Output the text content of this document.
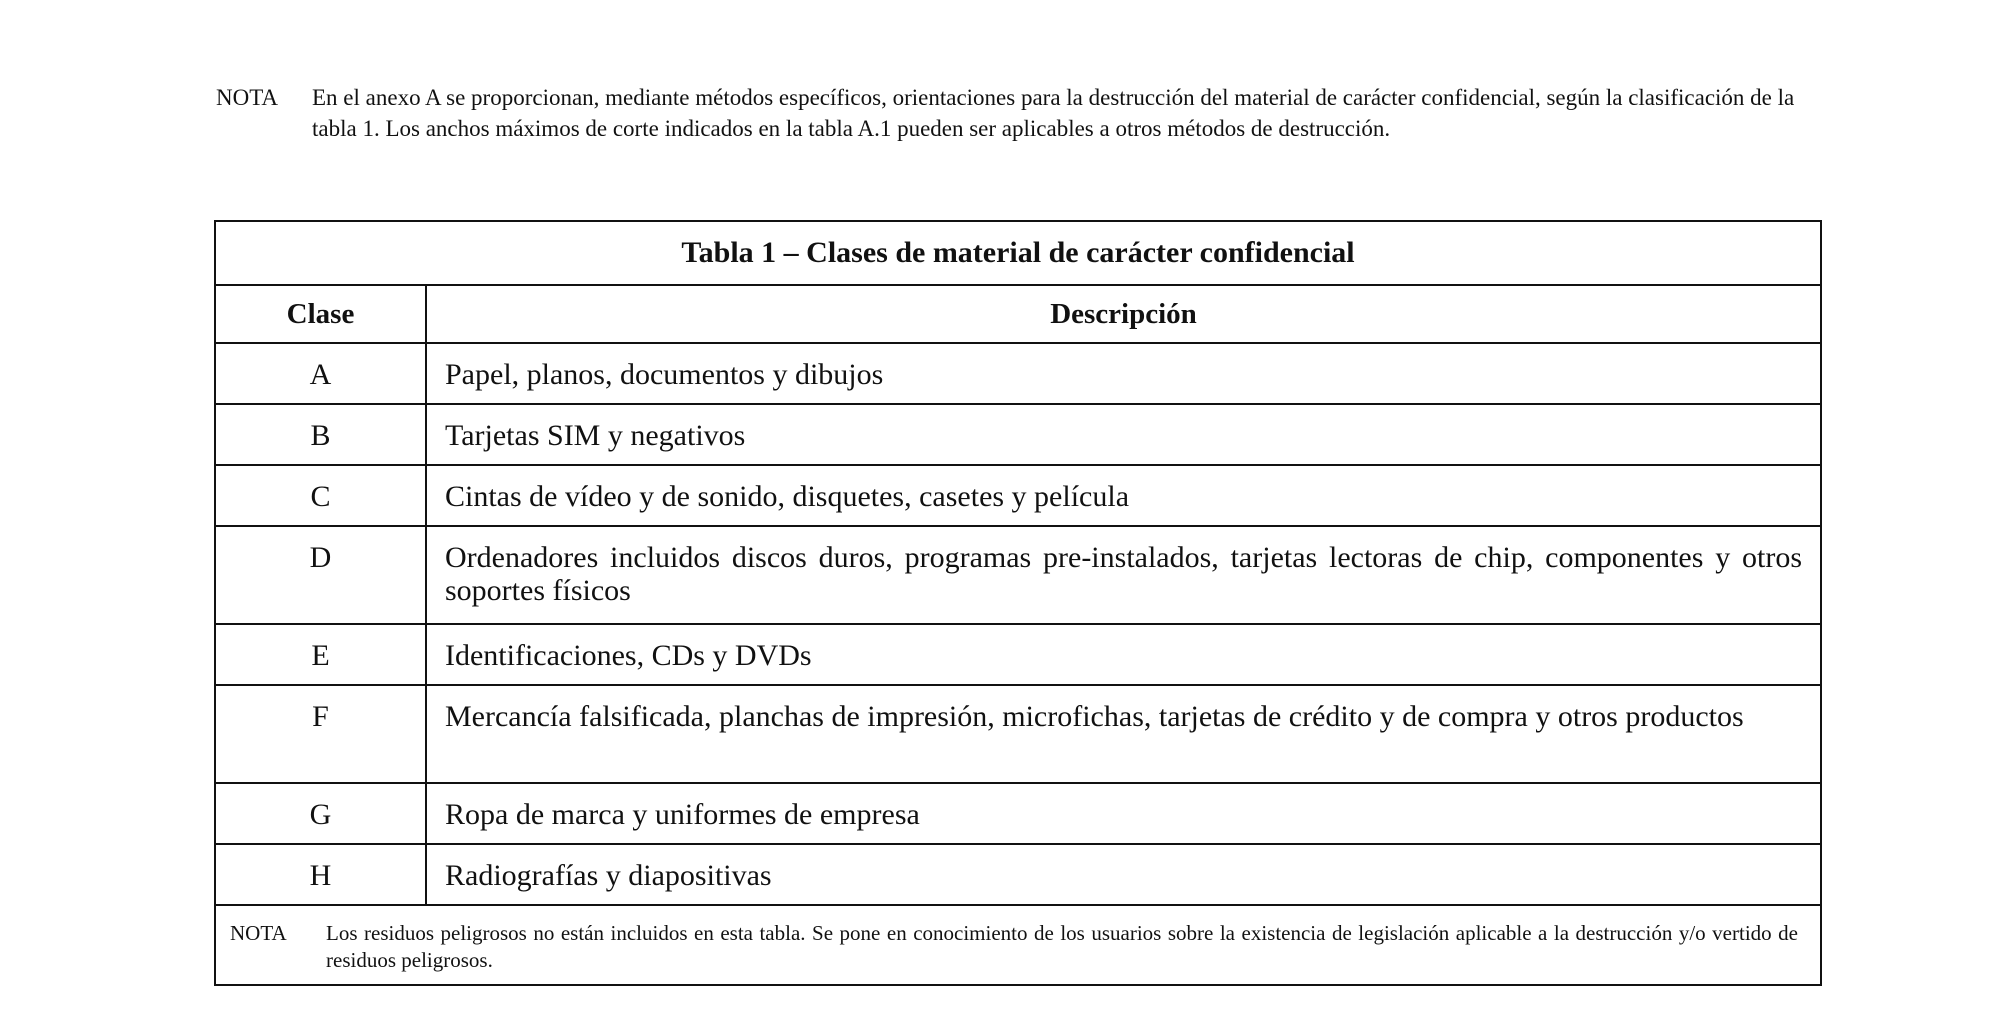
NOTA	En el anexo A se proporcionan, mediante métodos específicos, orientaciones para la destrucción del material de carácter confidencial, según la clasificación de la tabla 1. Los anchos máximos de corte indicados en la tabla A.1 pueden ser aplicables a otros métodos de destrucción.
Tabla 1 – Clases de material de carácter confidencial	
Clase	Descripción
A	Papel, planos, documentos y dibujos
B	Tarjetas SIM y negativos
C	Cintas de vídeo y de sonido, disquetes, casetes y película
D	Ordenadores incluidos discos duros, programas pre-instalados, tarjetas lectoras de chip, componentes y otros soportes físicos
E	Identificaciones, CDs y DVDs
F	Mercancía falsificada, planchas de impresión, microfichas, tarjetas de crédito y de compra y otros productos
G	Ropa de marca y uniformes de empresa
H	Radiografías y diapositivas

NOTA Los residuos peligrosos no están incluidos en esta tabla. Se pone en conocimiento de los usuarios sobre la existencia de legislación aplicable a la destrucción y/o vertido de residuos peligrosos.	
